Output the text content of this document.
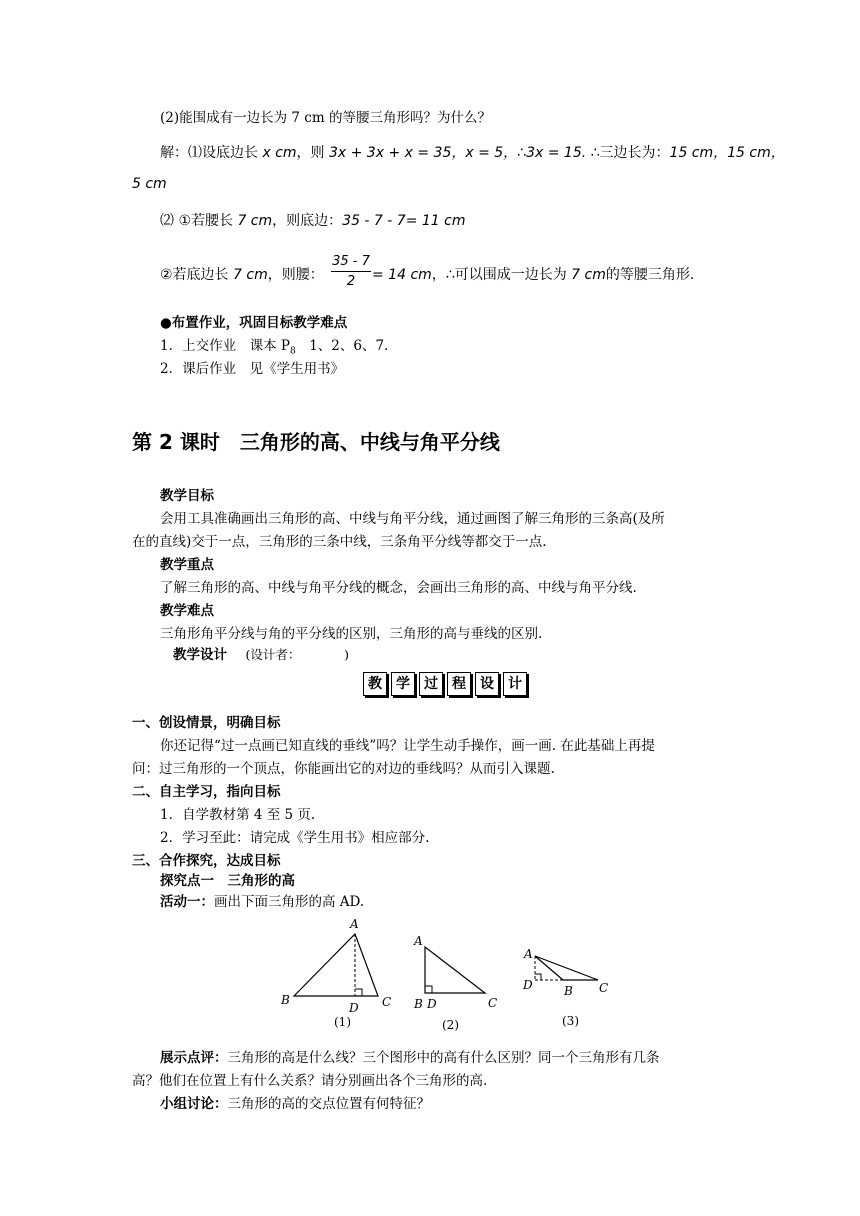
(2)能围成有一边长为 7 cm 的等腰三角形吗？为什么？
解：⑴设底边长 x cm，则 3x + 3x + x = 35，x = 5，∴3x = 15. ∴三边长为：15 cm，15 cm，
5 cm
⑵ ①若腰长 7 cm，则底边：35 - 7 - 7= 11 cm
②若底边长 7 cm，则腰：
35 - 7
2	= 14 cm，∴可以围成一边长为 7 cm的等腰三角形.
●布置作业，巩固目标教学难点
1．上交作业　课本 $P_8$　1、2、6、7.
2．课后作业　见《学生用书》
第 2 课时　三角形的高、中线与角平分线
教学目标
会用工具准确画出三角形的高、中线与角平分线，通过画图了解三角形的三条高(及所
在的直线)交于一点，三角形的三条中线，三条角平分线等都交于一点.
教学重点
了解三角形的高、中线与角平分线的概念，会画出三角形的高、中线与角平分线.
教学难点
三角形角平分线与角的平分线的区别，三角形的高与垂线的区别.
教学设计 (设计者：　　　　)
教	学	过	程	设	计
一、创设情景，明确目标
你还记得“过一点画已知直线的垂线”吗？让学生动手操作，画一画. 在此基础上再提
问：过三角形的一个顶点，你能画出它的对边的垂线吗？从而引入课题.
二、自主学习，指向目标
1．自学教材第 4 至 5 页.
2．学习至此：请完成《学生用书》相应部分.
三、合作探究，达成目标
探究点一　三角形的高
活动一：画出下面三角形的高 AD.
A
B	C
D
(1)
A
B D	C
(2)
A
D	B C
(3)
展示点评：三角形的高是什么线？三个图形中的高有什么区别？同一个三角形有几条
高？他们在位置上有什么关系？请分别画出各个三角形的高.
小组讨论：三角形的高的交点位置有何特征？
